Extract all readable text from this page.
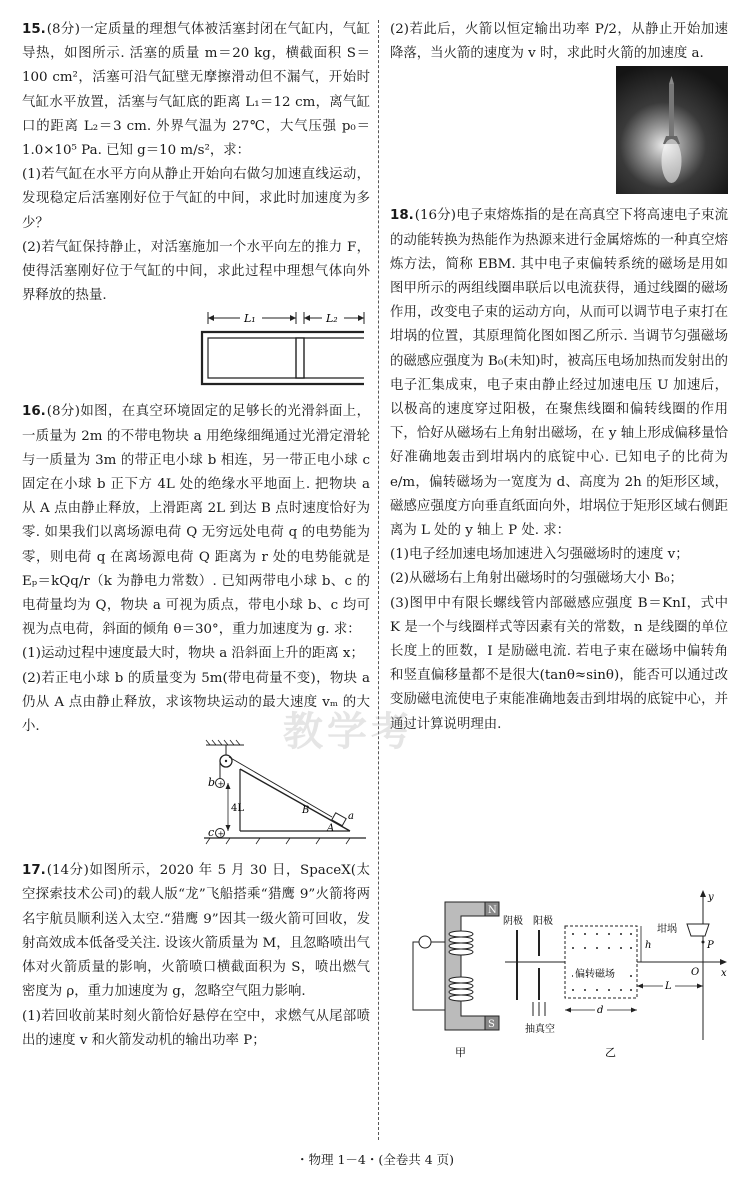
15.(8分)一定质量的理想气体被活塞封闭在气缸内，气缸导热，如图所示. 活塞的质量 m＝20 kg，横截面积 S＝100 cm²，活塞可沿气缸壁无摩擦滑动但不漏气，开始时气缸水平放置，活塞与气缸底的距离 L₁＝12 cm，离气缸口的距离 L₂＝3 cm. 外界气温为 27℃，大气压强 p₀＝1.0×10⁵ Pa. 已知 g＝10 m/s²，求：

(1)若气缸在水平方向从静止开始向右做匀加速直线运动，发现稳定后活塞刚好位于气缸的中间，求此时加速度为多少？

(2)若气缸保持静止，对活塞施加一个水平向左的推力 F，使得活塞刚好位于气缸的中间，求此过程中理想气体向外界释放的热量.

L₁	L₂

16.(8分)如图，在真空环境固定的足够长的光滑斜面上，一质量为 2m 的不带电物块 a 用绝缘细绳通过光滑定滑轮与一质量为 3m 的带正电小球 b 相连，另一带正电小球 c 固定在小球 b 正下方 4L 处的绝缘水平地面上. 把物块 a 从 A 点由静止释放，上滑距离 2L 到达 B 点时速度恰好为零. 如果我们以离场源电荷 Q 无穷远处电荷 q 的电势能为零，则电荷 q 在离场源电荷 Q 距离为 r 处的电势能就是 Eₚ＝kQq/r（k 为静电力常数）. 已知两带电小球 b、c 的电荷量均为 Q，物块 a 可视为质点，带电小球 b、c 均可视为点电荷，斜面的倾角 θ＝30°，重力加速度为 g. 求：

(1)运动过程中速度最大时，物块 a 沿斜面上升的距离 x；

(2)若正电小球 b 的质量变为 5m(带电荷量不变)，物块 a 仍从 A 点由静止释放，求该物块运动的最大速度 vₘ 的大小.

+
b
4L
+
c
B
A
a

17.(14分)如图所示，2020 年 5 月 30 日，SpaceX(太空探索技术公司)的载人版“龙”飞船搭乘“猎鹰 9”火箭将两名宇航员顺利送入太空.“猎鹰 9”因其一级火箭可回收，发射高效成本低备受关注. 设该火箭质量为 M，且忽略喷出气体对火箭质量的影响，火箭喷口横截面积为 S，喷出燃气密度为 ρ，重力加速度为 g，忽略空气阻力影响.

(1)若回收前某时刻火箭恰好悬停在空中，求燃气从尾部喷出的速度 v 和火箭发动机的输出功率 P；

(2)若此后，火箭以恒定输出功率 P/2，从静止开始加速降落，当火箭的速度为 v 时，求此时火箭的加速度 a.

18.(16分)电子束熔炼指的是在高真空下将高速电子束流的动能转换为热能作为热源来进行金属熔炼的一种真空熔炼方法，简称 EBM. 其中电子束偏转系统的磁场是用如图甲所示的两组线圈串联后以电流获得，通过线圈的磁场作用，改变电子束的运动方向，从而可以调节电子束打在坩埚的位置，其原理简化图如图乙所示. 当调节匀强磁场的磁感应强度为 B₀(未知)时，被高压电场加热而发射出的电子汇集成束，电子束由静止经过加速电压 U 加速后，以极高的速度穿过阳极，在聚焦线圈和偏转线圈的作用下，恰好从磁场右上角射出磁场，在 y 轴上形成偏移量恰好准确地轰击到坩埚内的底锭中心. 已知电子的比荷为 e/m，偏转磁场为一宽度为 d、高度为 2h 的矩形区域，磁感应强度方向垂直纸面向外，坩埚位于矩形区域右侧距离为 L 处的 y 轴上 P 处. 求：

(1)电子经加速电场加速进入匀强磁场时的速度 v；

(2)从磁场右上角射出磁场时的匀强磁场大小 B₀；

(3)图甲中有限长螺线管内部磁感应强度 B＝KnI，式中 K 是一个与线圈样式等因素有关的常数，n 是线圈的单位长度上的匝数，I 是励磁电流. 若电子束在磁场中偏转角和竖直偏移量都不是很大(tanθ≈sinθ)，能否可以通过改变励磁电流使电子束能准确地轰击到坩埚的底锭中心，并通过计算说明理由.

N
S
甲
x
y
O
坩埚
P
阴极 阳极
抽真空
偏转磁场
h
L
d
乙
教学考
・物理 1－4・(全卷共 4 页)
